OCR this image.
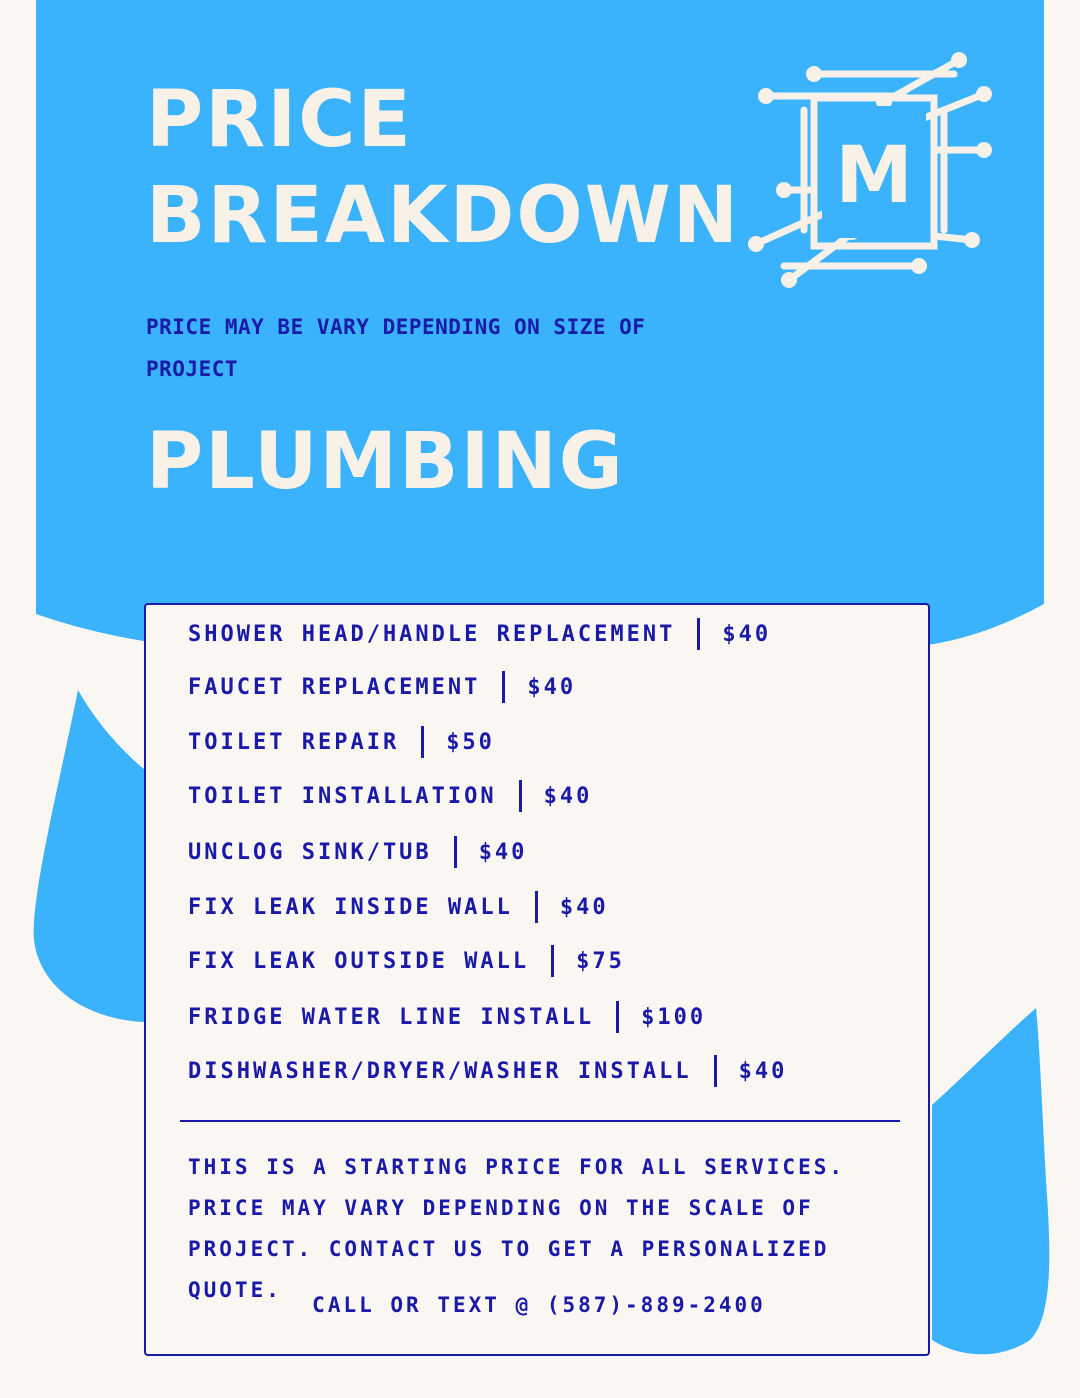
PRICE
BREAKDOWN

PRICE MAY BE VARY DEPENDING ON SIZE OF PROJECT

PLUMBING
M
SHOWER HEAD/HANDLE REPLACEMENT $40
FAUCET REPLACEMENT $40
TOILET REPAIR $50
TOILET INSTALLATION $40
UNCLOG SINK/TUB $40
FIX LEAK INSIDE WALL $40
FIX LEAK OUTSIDE WALL $75
FRIDGE WATER LINE INSTALL $100
DISHWASHER/DRYER/WASHER INSTALL $40

THIS IS A STARTING PRICE FOR ALL SERVICES. PRICE MAY VARY DEPENDING ON THE SCALE OF PROJECT. CONTACT US TO GET A PERSONALIZED QUOTE.

CALL OR TEXT @ (587)-889-2400
